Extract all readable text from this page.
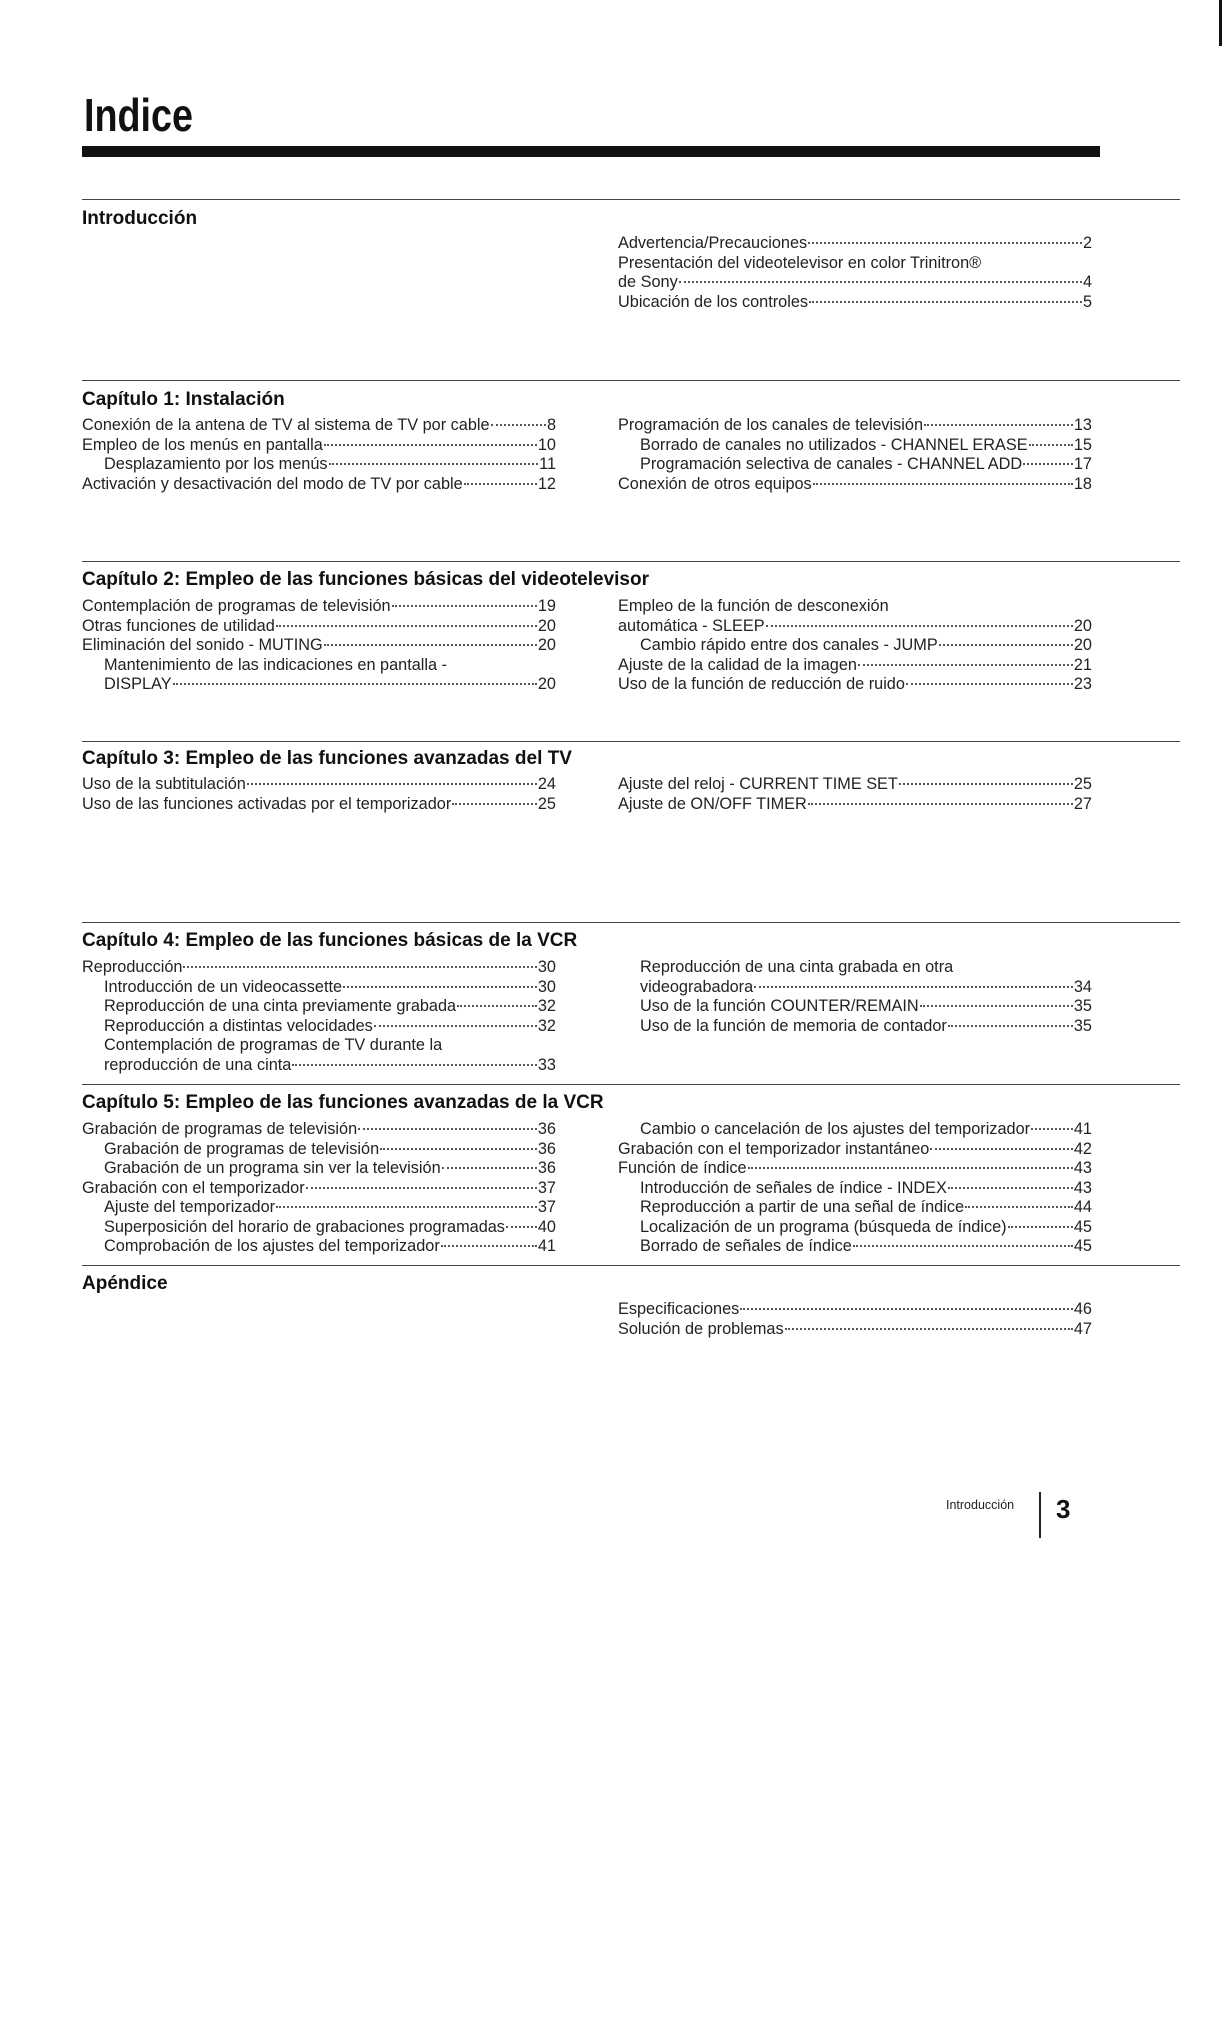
Indice
Introducción
Advertencia/Precauciones	2
Presentación del videotelevisor en color Trinitron®
de Sony	4
Ubicación de los controles	5
Capítulo 1: Instalación
Conexión de la antena de TV al sistema de TV por cable	8
Empleo de los menús en pantalla	10
Desplazamiento por los menús	11
Activación y desactivación del modo de TV por cable	12
Programación de los canales de televisión	13
Borrado de canales no utilizados - CHANNEL ERASE	15
Programación selectiva de canales - CHANNEL ADD	17
Conexión de otros equipos	18
Capítulo 2: Empleo de las funciones básicas del videotelevisor
Contemplación de programas de televisión	19
Otras funciones de utilidad	20
Eliminación del sonido - MUTING	20
Mantenimiento de las indicaciones en pantalla -
DISPLAY	20
Empleo de la función de desconexión
automática - SLEEP	20
Cambio rápido entre dos canales - JUMP	20
Ajuste de la calidad de la imagen	21
Uso de la función de reducción de ruido	23
Capítulo 3: Empleo de las funciones avanzadas del TV
Uso de la subtitulación	24
Uso de las funciones activadas por el temporizador	25
Ajuste del reloj - CURRENT TIME SET	25
Ajuste de ON/OFF TIMER	27
Capítulo 4: Empleo de las funciones básicas de la VCR
Reproducción	30
Introducción de un videocassette	30
Reproducción de una cinta previamente grabada	32
Reproducción a distintas velocidades	32
Contemplación de programas de TV durante la
reproducción de una cinta	33
Reproducción de una cinta grabada en otra
videograbadora	34
Uso de la función COUNTER/REMAIN	35
Uso de la función de memoria de contador	35
Capítulo 5: Empleo de las funciones avanzadas de la VCR
Grabación de programas de televisión	36
Grabación de programas de televisión	36
Grabación de un programa sin ver la televisión	36
Grabación con el temporizador	37
Ajuste del temporizador	37
Superposición del horario de grabaciones programadas 40
Comprobación de los ajustes del temporizador	41
Cambio o cancelación de los ajustes del temporizador	41
Grabación con el temporizador instantáneo	42
Función de índice	43
Introducción de señales de índice - INDEX	43
Reproducción a partir de una señal de índice	44
Localización de un programa (búsqueda de índice)	45
Borrado de señales de índice	45
Apéndice
Especificaciones	46
Solución de problemas	47
Introducción 3
